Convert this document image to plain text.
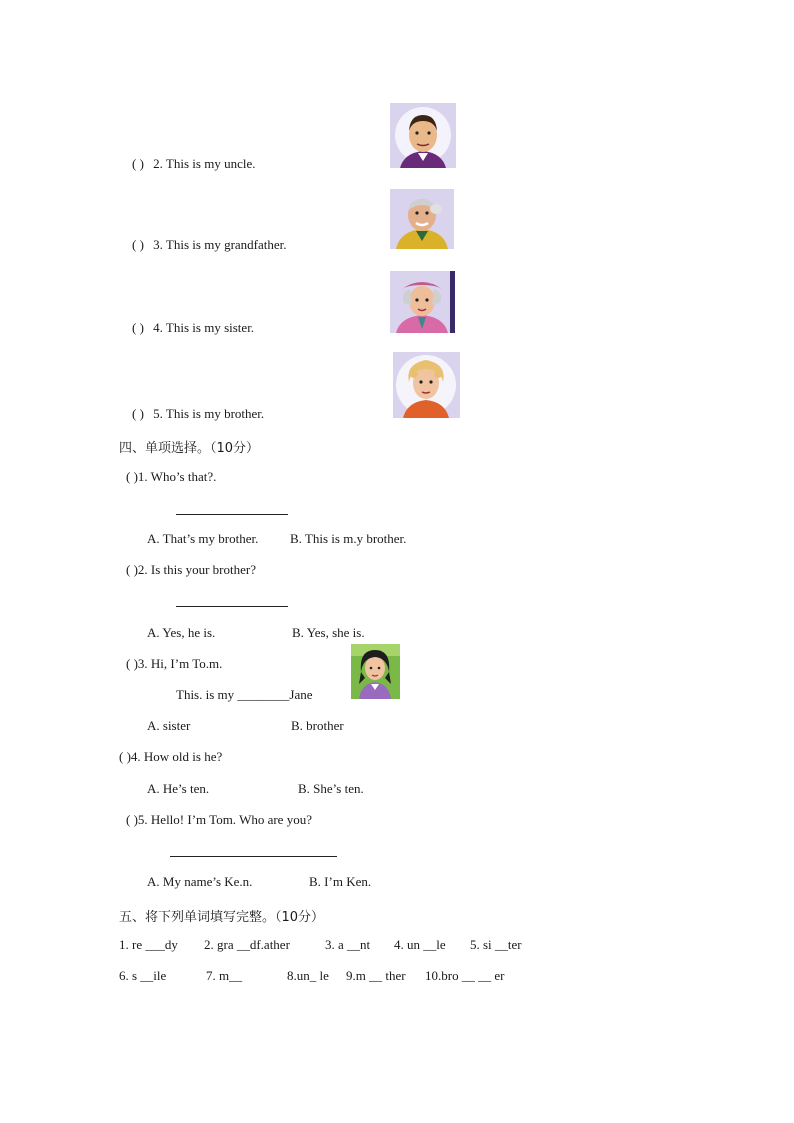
( ) 2. This is my uncle.
( ) 3. This is my grandfather.
( ) 4. This is my sister.
( ) 5. This is my brother.
四、单项选择。（10分）
( )1. Who’s that?.
A. That’s my brother. B. This is m.y brother.
( )2. Is this your brother?
A. Yes, he is.	B. Yes, she is.
( )3. Hi, I’m To.m.
This. is my ________Jane
A. sister	B. brother
( )4. How old is he?
A. He’s ten.	B. She’s ten.
( )5. Hello! I’m Tom. Who are you?
A. My name’s Ke.n.	B. I’m Ken.
五、将下列单词填写完整。（10分）
1. re ___dy 2. gra __df.ather	3. a __nt 4. un __le 5. si __ter
6. s __ile	7. m__	8.un_ le 9.m __ ther 10.bro __ __ er
